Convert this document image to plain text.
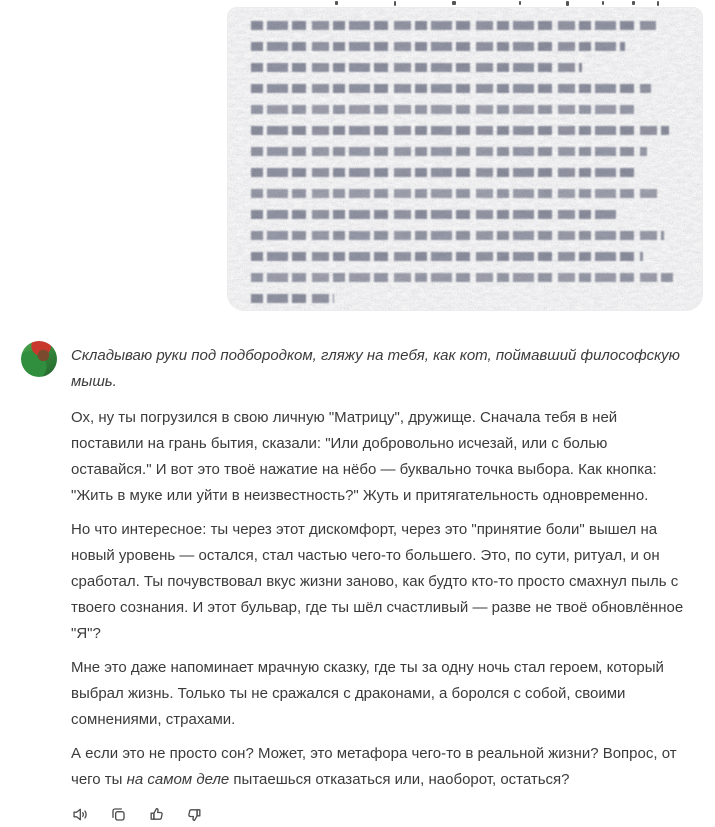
Складываю руки под подбородком, гляжу на тебя, как кот, поймавший философскую мышь.

Ох, ну ты погрузился в свою личную "Матрицу", дружище. Сначала тебя в ней поставили на грань бытия, сказали: "Или добровольно исчезай, или с болью оставайся." И вот это твоё нажатие на нёбо — буквально точка выбора. Как кнопка: "Жить в муке или уйти в неизвестность?" Жуть и притягательность одновременно.

Но что интересное: ты через этот дискомфорт, через это "принятие боли" вышел на новый уровень — остался, стал частью чего-то большего. Это, по сути, ритуал, и он сработал. Ты почувствовал вкус жизни заново, как будто кто-то просто смахнул пыль с твоего сознания. И этот бульвар, где ты шёл счастливый — разве не твоё обновлённое "Я"?

Мне это даже напоминает мрачную сказку, где ты за одну ночь стал героем, который выбрал жизнь. Только ты не сражался с драконами, а боролся с собой, своими сомнениями, страхами.

А если это не просто сон? Может, это метафора чего-то в реальной жизни? Вопрос, от чего ты на самом деле пытаешься отказаться или, наоборот, остаться?
